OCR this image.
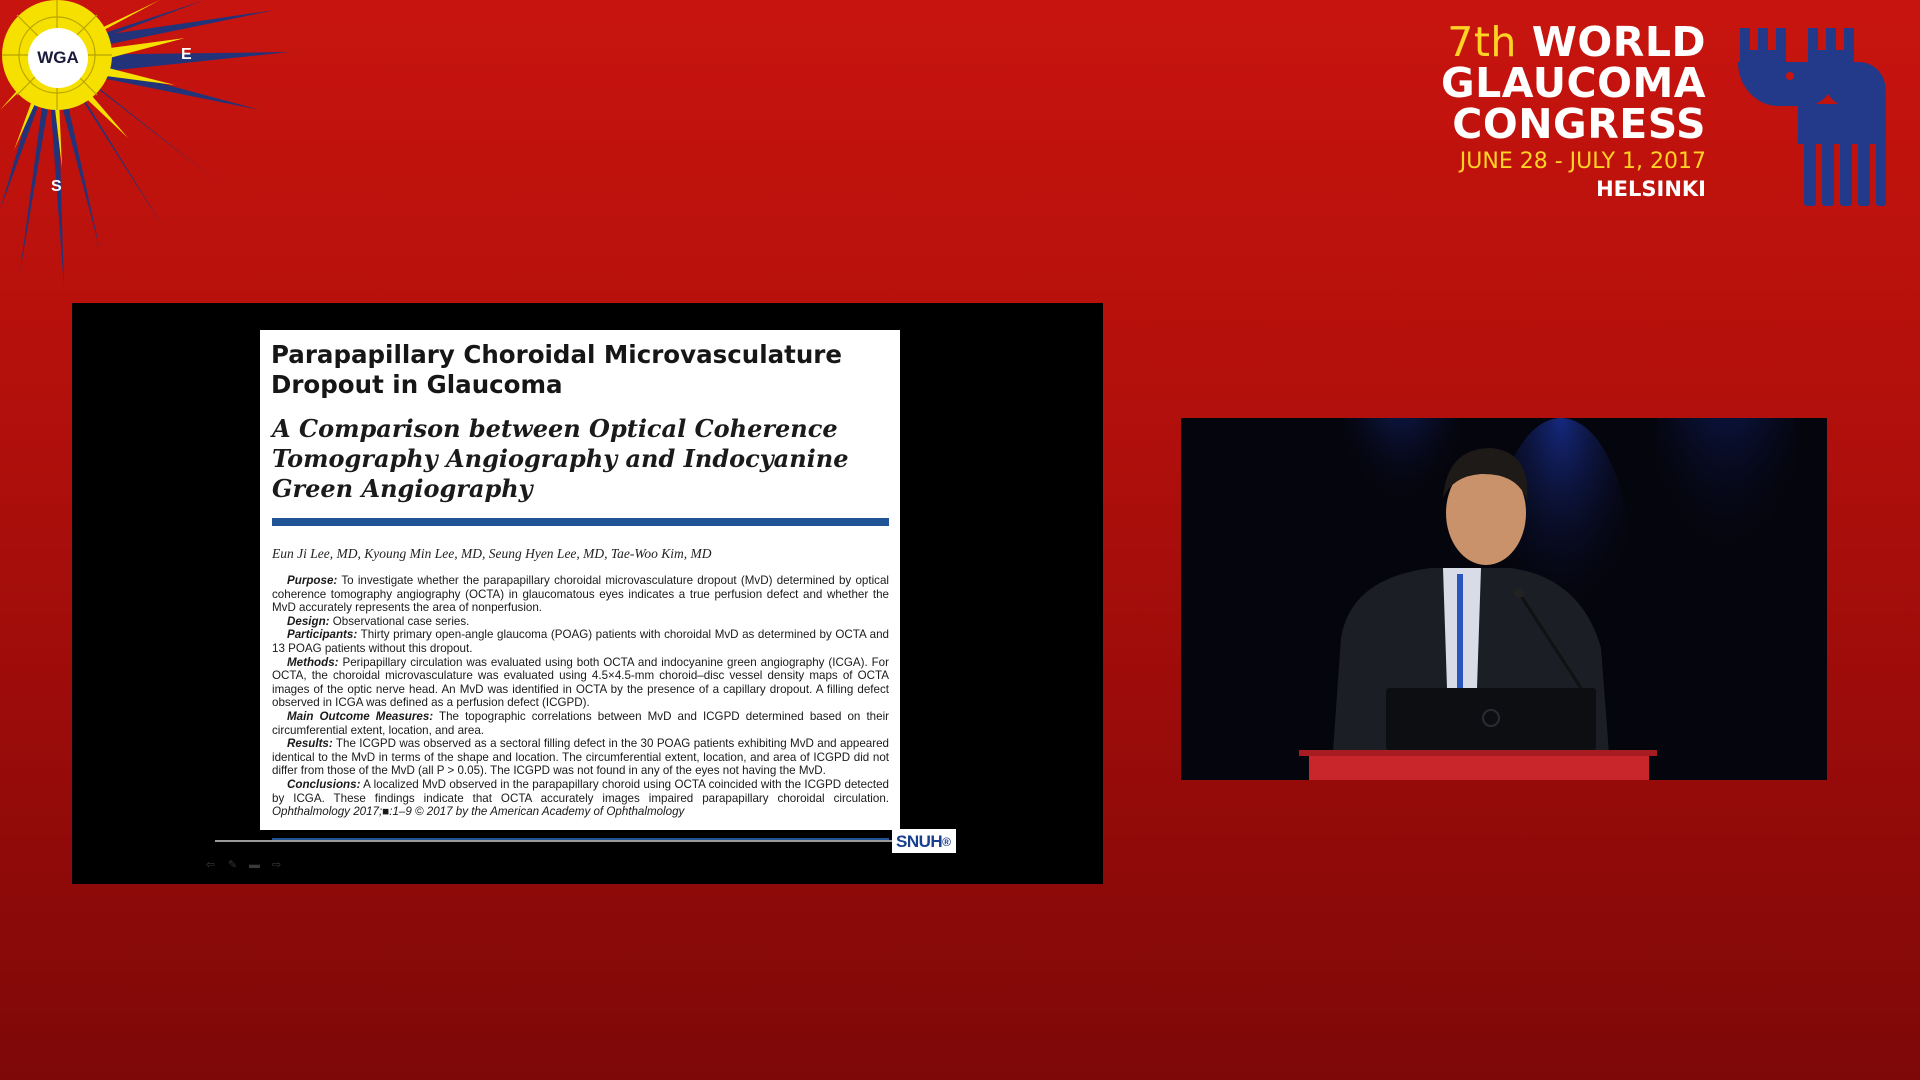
WGA	E
S
7th WORLD
GLAUCOMA
CONGRESS
JUNE 28 - JULY 1, 2017
HELSINKI
Parapapillary Choroidal Microvasculature Dropout in Glaucoma
A Comparison between Optical Coherence Tomography Angiography and Indocyanine Green Angiography
Eun Ji Lee, MD, Kyoung Min Lee, MD, Seung Hyen Lee, MD, Tae-Woo Kim, MD

Purpose: To investigate whether the parapapillary choroidal microvasculature dropout (MvD) determined by optical coherence tomography angiography (OCTA) in glaucomatous eyes indicates a true perfusion defect and whether the MvD accurately represents the area of nonperfusion.

Design: Observational case series.

Participants: Thirty primary open-angle glaucoma (POAG) patients with choroidal MvD as determined by OCTA and 13 POAG patients without this dropout.

Methods: Peripapillary circulation was evaluated using both OCTA and indocyanine green angiography (ICGA). For OCTA, the choroidal microvasculature was evaluated using 4.5×4.5-mm choroid–disc vessel density maps of OCTA images of the optic nerve head. An MvD was identified in OCTA by the presence of a capillary dropout. A filling defect observed in ICGA was defined as a perfusion defect (ICGPD).

Main Outcome Measures: The topographic correlations between MvD and ICGPD determined based on their circumferential extent, location, and area.

Results: The ICGPD was observed as a sectoral filling defect in the 30 POAG patients exhibiting MvD and appeared identical to the MvD in terms of the shape and location. The circumferential extent, location, and area of ICGPD did not differ from those of the MvD (all P > 0.05). The ICGPD was not found in any of the eyes not having the MvD.

Conclusions: A localized MvD observed in the parapapillary choroid using OCTA coincided with the ICGPD detected by ICGA. These findings indicate that OCTA accurately images impaired parapapillary choroidal circulation. Ophthalmology 2017;■:1–9 © 2017 by the American Academy of Ophthalmology

SNUH®
⇦ ✎ ▬ ⇨
